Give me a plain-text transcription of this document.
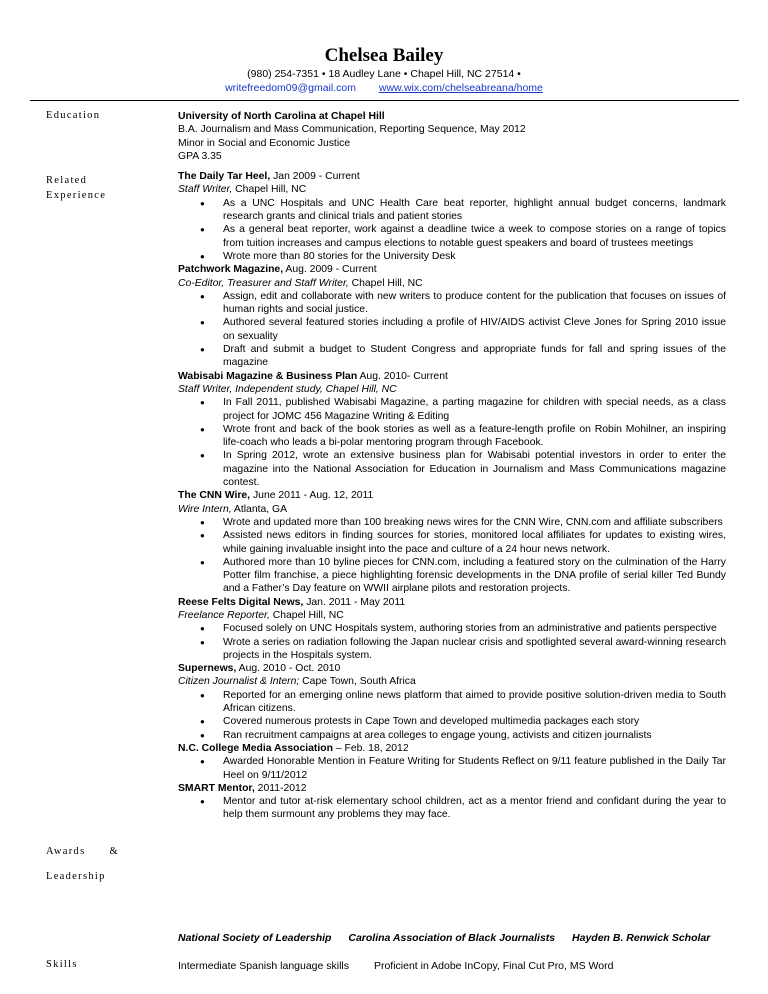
Chelsea Bailey
(980) 254-7351 • 18 Audley Lane • Chapel Hill, NC 27514 •
writefreedom09@gmail.com www.wix.com/chelseabreana/home
Education
Related
Experience
Awards &
Leadership
Skills

University of North Carolina at Chapel Hill

B.A. Journalism and Mass Communication, Reporting Sequence, May 2012

Minor in Social and Economic Justice

GPA 3.35

The Daily Tar Heel, Jan 2009 - Current

Staff Writer, Chapel Hill, NC

● As a UNC Hospitals and UNC Health Care beat reporter, highlight annual budget concerns, landmark research grants and clinical trials and patient stories
● As a general beat reporter, work against a deadline twice a week to compose stories on a range of topics from tuition increases and campus elections to notable guest speakers and board of trustees meetings
● Wrote more than 80 stories for the University Desk

Patchwork Magazine, Aug. 2009 - Current

Co-Editor, Treasurer and Staff Writer, Chapel Hill, NC

● Assign, edit and collaborate with new writers to produce content for the publication that focuses on issues of human rights and social justice.
● Authored several featured stories including a profile of HIV/AIDS activist Cleve Jones for Spring 2010 issue on sexuality
● Draft and submit a budget to Student Congress and appropriate funds for fall and spring issues of the magazine

Wabisabi Magazine & Business Plan Aug. 2010- Current

Staff Writer, Independent study, Chapel Hill, NC

● In Fall 2011, published Wabisabi Magazine, a parting magazine for children with special needs, as a class project for JOMC 456 Magazine Writing & Editing
● Wrote front and back of the book stories as well as a feature-length profile on Robin Mohilner, an inspiring life-coach who leads a bi-polar mentoring program through Facebook.
● In Spring 2012, wrote an extensive business plan for Wabisabi potential investors in order to enter the magazine into the National Association for Education in Journalism and Mass Communications magazine contest.

The CNN Wire, June 2011 - Aug. 12, 2011

Wire Intern, Atlanta, GA

● Wrote and updated more than 100 breaking news wires for the CNN Wire, CNN.com and affiliate subscribers
● Assisted news editors in finding sources for stories, monitored local affiliates for updates to existing wires, while gaining invaluable insight into the pace and culture of a 24 hour news network.
● Authored more than 10 byline pieces for CNN.com, including a featured story on the culmination of the Harry Potter film franchise, a piece highlighting forensic developments in the DNA profile of serial killer Ted Bundy and a Father’s Day feature on WWII airplane pilots and restoration projects.

Reese Felts Digital News, Jan. 2011 - May 2011

Freelance Reporter, Chapel Hill, NC

● Focused solely on UNC Hospitals system, authoring stories from an administrative and patients perspective
● Wrote a series on radiation following the Japan nuclear crisis and spotlighted several award-winning research projects in the Hospitals system.

Supernews, Aug. 2010 - Oct. 2010

Citizen Journalist & Intern; Cape Town, South Africa

● Reported for an emerging online news platform that aimed to provide positive solution-driven media to South African citizens.
● Covered numerous protests in Cape Town and developed multimedia packages each story
● Ran recruitment campaigns at area colleges to engage young, activists and citizen journalists

N.C. College Media Association – Feb. 18, 2012

● Awarded Honorable Mention in Feature Writing for Students Reflect on 9/11 feature published in the Daily Tar Heel on 9/11/2012

SMART Mentor, 2011-2012

● Mentor and tutor at-risk elementary school children, act as a mentor friend and confidant during the year to help them surmount any problems they may face.
National Society of Leadership Carolina Association of Black Journalists Hayden B. Renwick Scholar
Intermediate Spanish language skills Proficient in Adobe InCopy, Final Cut Pro, MS Word
